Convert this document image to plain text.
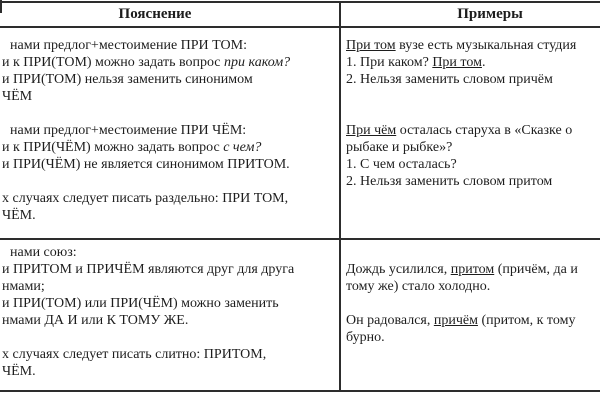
Пояснение	Примеры
нами предлог+местоимение ПРИ ТОМ:
и к ПРИ(ТОМ) можно задать вопрос при каком?
и ПРИ(ТОМ) нельзя заменить синонимом
ЧЁМ

нами предлог+местоимение ПРИ ЧЁМ:
и к ПРИ(ЧЁМ) можно задать вопрос с чем?
и ПРИ(ЧЁМ) не является синонимом ПРИТОМ.

х случаях следует писать раздельно: ПРИ ТОМ,
ЧЁМ.
При том вузе есть музыкальная студия
1. При каком? При том.
2. Нельзя заменить словом причём

При чём осталась старуха в «Сказке о
рыбаке и рыбке»?
1. С чем осталась?
2. Нельзя заменить словом притом
нами союз:
и ПРИТОМ и ПРИЧЁМ являются друг для друга
нмами;
и ПРИ(ТОМ) или ПРИ(ЧЁМ) можно заменить
нмами ДА И или К ТОМУ ЖЕ.

х случаях следует писать слитно: ПРИТОМ,
ЧЁМ.

Дождь усилился, притом (причём, да и
тому же) стало холодно.

Он радовался, причём (притом, к тому
бурно.
